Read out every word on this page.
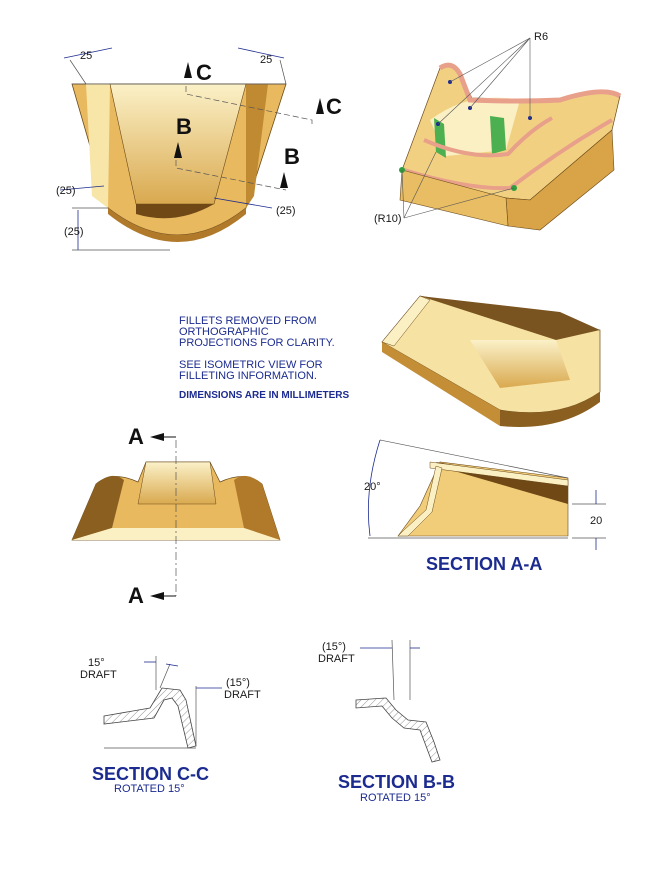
25	25
(25)
(25)
(25)
C
C
B
B
R6
(R10)
FILLETS REMOVED FROM
ORTHOGRAPHIC
PROJECTIONS FOR CLARITY.
SEE ISOMETRIC VIEW FOR
FILLETING INFORMATION.
DIMENSIONS ARE IN MILLIMETERS
A
A
20°
20
SECTION A-A
15°
DRAFT
(15°)
DRAFT
SECTION C-C
ROTATED 15°
(15°)
DRAFT
SECTION B-B
ROTATED 15°
